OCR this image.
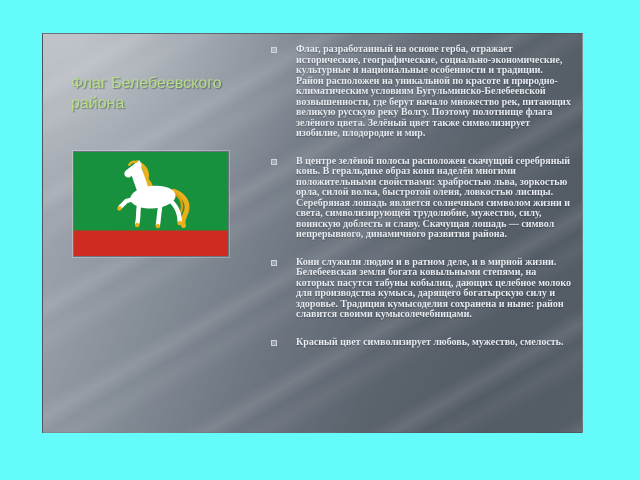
Флаг Белебеевского района
Флаг, разработанный на основе герба, отражает исторические, географические, социально-экономические, культурные и национальные особенности и традиции. Район расположен на уникальной по красоте и природно-климатическим условиям Бугульминско-Белебеевской возвышенности, где берут начало множество рек, питающих великую русскую реку Волгу. Поэтому полотнище флага зелёного цвета. Зелёный цвет также символизирует изобилие, плодородие и мир.
В центре зелёной полосы расположен скачущий серебряный конь. В геральдике образ коня наделён многими положительными свойствами: храбростью льва, зоркостью орла, силой волка, быстротой оленя, ловкостью лисицы. Серебряная лошадь является солнечным символом жизни и света, символизирующей трудолюбие, мужество, силу, воинскую доблесть и славу. Скачущая лошадь — символ непрерывного, динамичного развития района.
Кони служили людям и в ратном деле, и в мирной жизни. Белебеевская земля богата ковыльными степями, на которых пасутся табуны кобылиц, дающих целебное молоко для производства кумыса, дарящего богатырскую силу и здоровье. Традиция кумысоделия сохранена и ныне: район славится своими кумысолечебницами.
Красный цвет символизирует любовь, мужество, смелость.
